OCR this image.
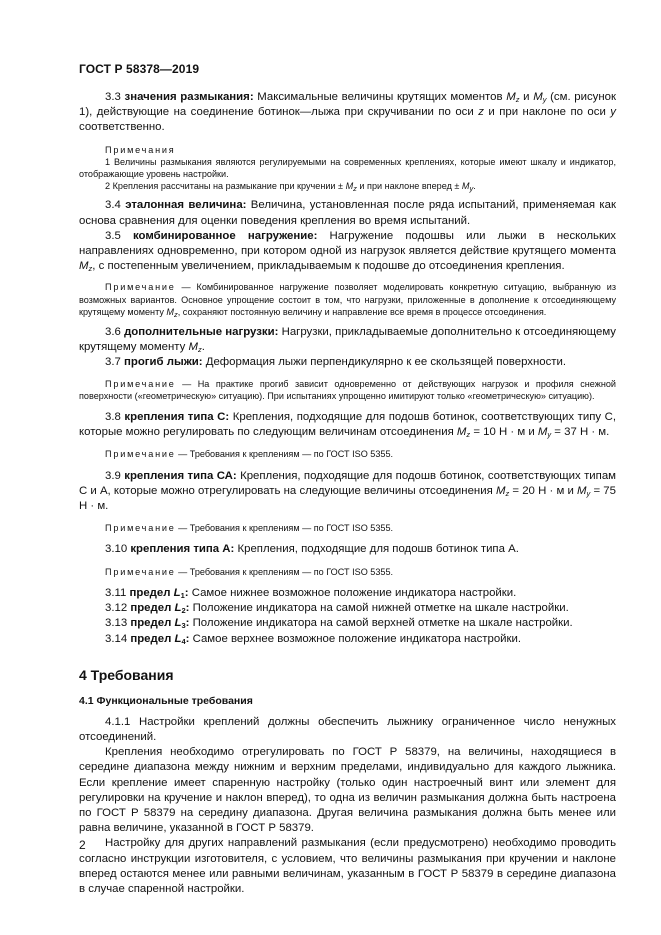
ГОСТ Р 58378—2019

3.3 значения размыкания: Максимальные величины крутящих моментов $M_z$ и $M_y$ (см. рисунок 1), действующие на соединение ботинок—лыжа при скручивании по оси z и при наклоне по оси y соответственно.

Примечания

1 Величины размыкания являются регулируемыми на современных креплениях, которые имеют шкалу и индикатор, отображающие уровень настройки.

2 Крепления рассчитаны на размыкание при кручении ± $M_z$ и при наклоне вперед ± $M_y$.

3.4 эталонная величина: Величина, установленная после ряда испытаний, применяемая как основа сравнения для оценки поведения крепления во время испытаний.

3.5 комбинированное нагружение: Нагружение подошвы или лыжи в нескольких направлениях одновременно, при котором одной из нагрузок является действие крутящего момента $M_z$, с постепенным увеличением, прикладываемым к подошве до отсоединения крепления.

Примечание — Комбинированное нагружение позволяет моделировать конкретную ситуацию, выбранную из возможных вариантов. Основное упрощение состоит в том, что нагрузки, приложенные в дополнение к отсоединяющему крутящему моменту $M_z$, сохраняют постоянную величину и направление все время в процессе отсоединения.

3.6 дополнительные нагрузки: Нагрузки, прикладываемые дополнительно к отсоединяющему крутящему моменту $M_z$.

3.7 прогиб лыжи: Деформация лыжи перпендикулярно к ее скользящей поверхности.

Примечание — На практике прогиб зависит одновременно от действующих нагрузок и профиля снежной поверхности («геометрическую» ситуацию). При испытаниях упрощенно имитируют только «геометрическую» ситуацию).

3.8 крепления типа С: Крепления, подходящие для подошв ботинок, соответствующих типу С, которые можно регулировать по следующим величинам отсоединения $M_z = 10$ Н · м и $M_y = 37$ Н · м.

Примечание — Требования к креплениям — по ГОСТ ISO 5355.

3.9 крепления типа СА: Крепления, подходящие для подошв ботинок, соответствующих типам С и А, которые можно отрегулировать на следующие величины отсоединения $M_z = 20$ Н · м и $M_y = 75$ Н · м.

Примечание — Требования к креплениям — по ГОСТ ISO 5355.

3.10 крепления типа А: Крепления, подходящие для подошв ботинок типа А.

Примечание — Требования к креплениям — по ГОСТ ISO 5355.

3.11 предел $L_1$: Самое нижнее возможное положение индикатора настройки.

3.12 предел $L_2$: Положение индикатора на самой нижней отметке на шкале настройки.

3.13 предел $L_3$: Положение индикатора на самой верхней отметке на шкале настройки.

3.14 предел $L_4$: Самое верхнее возможное положение индикатора настройки.

4 Требования

4.1 Функциональные требования

4.1.1 Настройки креплений должны обеспечить лыжнику ограниченное число ненужных отсоединений.

Крепления необходимо отрегулировать по ГОСТ Р 58379, на величины, находящиеся в середине диапазона между нижним и верхним пределами, индивидуально для каждого лыжника. Если крепление имеет спаренную настройку (только один настроечный винт или элемент для регулировки на кручение и наклон вперед), то одна из величин размыкания должна быть настроена по ГОСТ Р 58379 на середину диапазона. Другая величина размыкания должна быть менее или равна величине, указанной в ГОСТ Р 58379.

Настройку для других направлений размыкания (если предусмотрено) необходимо проводить согласно инструкции изготовителя, с условием, что величины размыкания при кручении и наклоне вперед остаются менее или равными величинам, указанным в ГОСТ Р 58379 в середине диапазона в случае спаренной настройки.

2
